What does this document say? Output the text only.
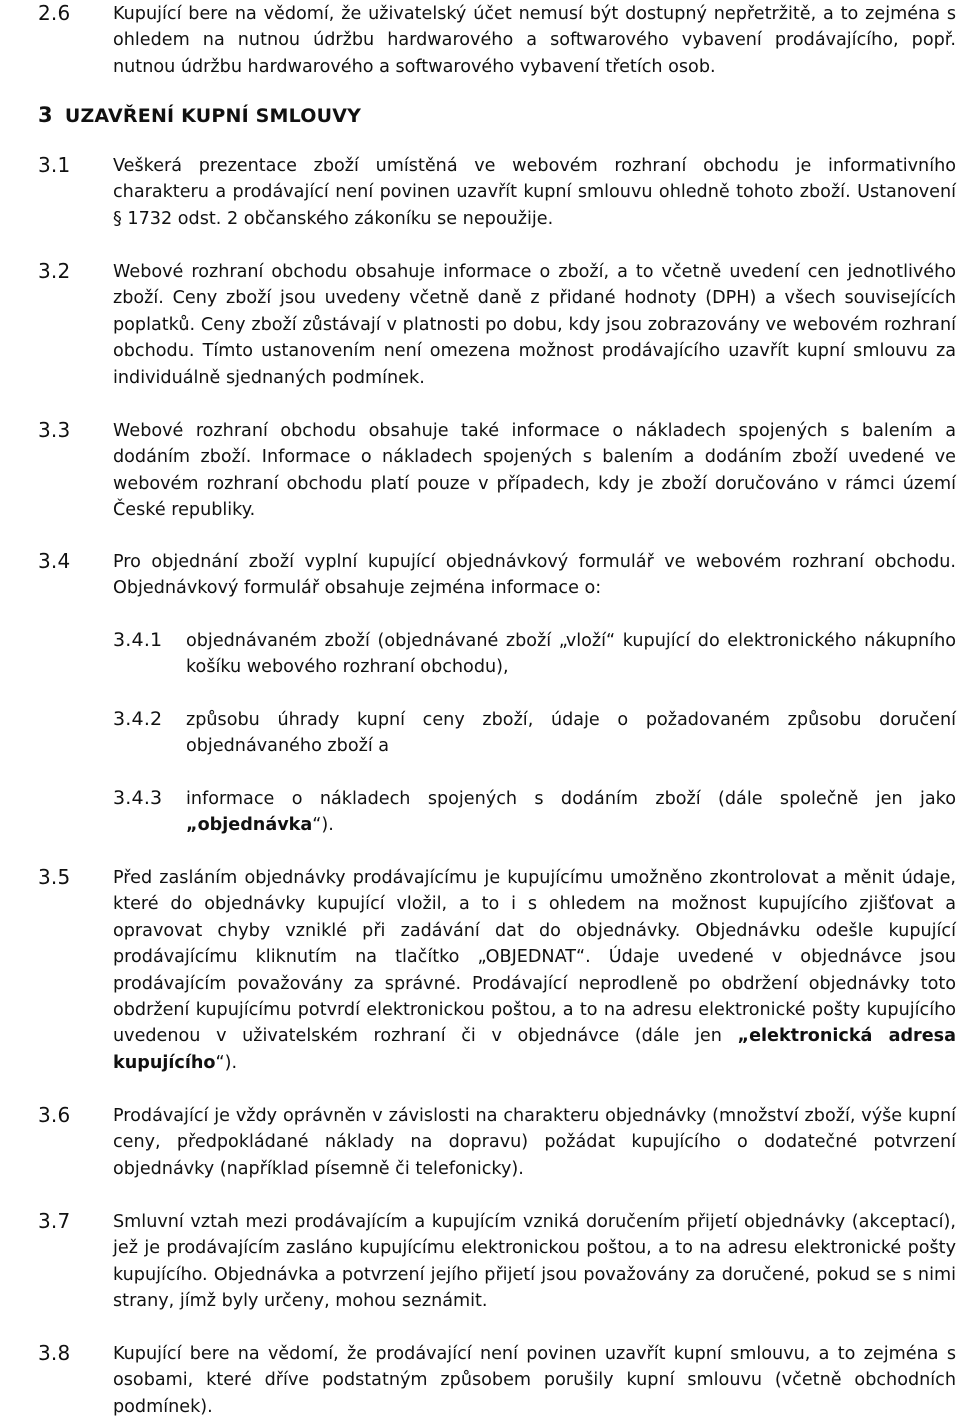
2.6 Kupující bere na vědomí, že uživatelský účet nemusí být dostupný nepřetržitě, a to zejména s ohledem na nutnou údržbu hardwarového a softwarového vybavení prodávajícího, popř. nutnou údržbu hardwarového a softwarového vybavení třetích osob.
3 UZAVŘENÍ KUPNÍ SMLOUVY
3.1 Veškerá prezentace zboží umístěná ve webovém rozhraní obchodu je informativního charakteru a prodávající není povinen uzavřít kupní smlouvu ohledně tohoto zboží. Ustanovení § 1732 odst. 2 občanského zákoníku se nepoužije.
3.2 Webové rozhraní obchodu obsahuje informace o zboží, a to včetně uvedení cen jednotlivého zboží. Ceny zboží jsou uvedeny včetně daně z přidané hodnoty (DPH) a všech souvisejících poplatků. Ceny zboží zůstávají v platnosti po dobu, kdy jsou zobrazovány ve webovém rozhraní obchodu. Tímto ustanovením není omezena možnost prodávajícího uzavřít kupní smlouvu za individuálně sjednaných podmínek.
3.3 Webové rozhraní obchodu obsahuje také informace o nákladech spojených s balením a dodáním zboží. Informace o nákladech spojených s balením a dodáním zboží uvedené ve webovém rozhraní obchodu platí pouze v případech, kdy je zboží doručováno v rámci území České republiky.
3.4 Pro objednání zboží vyplní kupující objednávkový formulář ve webovém rozhraní obchodu. Objednávkový formulář obsahuje zejména informace o:
3.4.1 objednávaném zboží (objednávané zboží „vloží“ kupující do elektronického nákupního košíku webového rozhraní obchodu),
3.4.2 způsobu úhrady kupní ceny zboží, údaje o požadovaném způsobu doručení objednávaného zboží a
3.4.3 informace o nákladech spojených s dodáním zboží (dále společně jen jako „objednávka“).
3.5 Před zasláním objednávky prodávajícímu je kupujícímu umožněno zkontrolovat a měnit údaje, které do objednávky kupující vložil, a to i s ohledem na možnost kupujícího zjišťovat a opravovat chyby vzniklé při zadávání dat do objednávky. Objednávku odešle kupující prodávajícímu kliknutím na tlačítko „OBJEDNAT“. Údaje uvedené v objednávce jsou prodávajícím považovány za správné. Prodávající neprodleně po obdržení objednávky toto obdržení kupujícímu potvrdí elektronickou poštou, a to na adresu elektronické pošty kupujícího uvedenou v uživatelském rozhraní či v objednávce (dále jen „elektronická adresa kupujícího“).
3.6 Prodávající je vždy oprávněn v závislosti na charakteru objednávky (množství zboží, výše kupní ceny, předpokládané náklady na dopravu) požádat kupujícího o dodatečné potvrzení objednávky (například písemně či telefonicky).
3.7 Smluvní vztah mezi prodávajícím a kupujícím vzniká doručením přijetí objednávky (akceptací), jež je prodávajícím zasláno kupujícímu elektronickou poštou, a to na adresu elektronické pošty kupujícího. Objednávka a potvrzení jejího přijetí jsou považovány za doručené, pokud se s nimi strany, jímž byly určeny, mohou seznámit.
3.8 Kupující bere na vědomí, že prodávající není povinen uzavřít kupní smlouvu, a to zejména s osobami, které dříve podstatným způsobem porušily kupní smlouvu (včetně obchodních podmínek).
